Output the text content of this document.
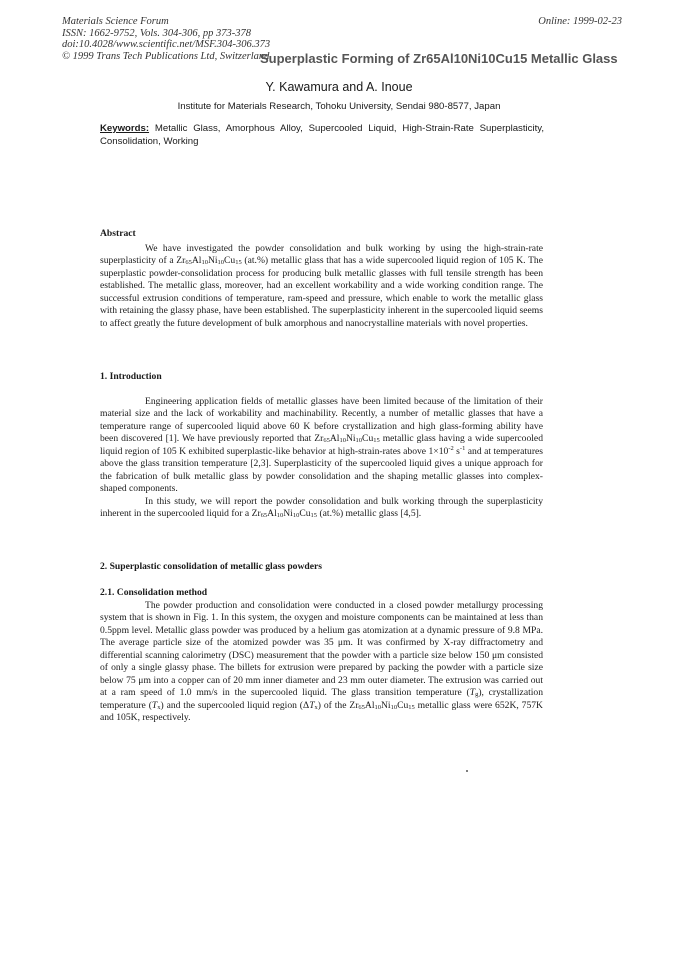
Materials Science Forum
ISSN: 1662-9752, Vols. 304-306, pp 373-378
doi:10.4028/www.scientific.net/MSF.304-306.373
© 1999 Trans Tech Publications Ltd, Switzerland
Online: 1999-02-23
Superplastic Forming of Zr65Al10Ni10Cu15 Metallic Glass
Y. Kawamura and A. Inoue
Institute for Materials Research, Tohoku University, Sendai 980-8577, Japan
Keywords: Metallic Glass, Amorphous Alloy, Supercooled Liquid, High-Strain-Rate Superplasticity, Consolidation, Working
Abstract

We have investigated the powder consolidation and bulk working by using the high-strain-rate superplasticity of a $Zr_{65}Al_{10}Ni_{10}Cu_{15}$ (at.%) metallic glass that has a wide supercooled liquid region of 105 K. The superplastic powder-consolidation process for producing bulk metallic glasses with full tensile strength has been established. The metallic glass, moreover, had an excellent workability and a wide working condition range. The successful extrusion conditions of temperature, ram-speed and pressure, which enable to work the metallic glass with retaining the glassy phase, have been established. The superplasticity inherent in the supercooled liquid seems to affect greatly the future development of bulk amorphous and nanocrystalline materials with novel properties.

1. Introduction

Engineering application fields of metallic glasses have been limited because of the limitation of their material size and the lack of workability and machinability. Recently, a number of metallic glasses that have a temperature range of supercooled liquid above 60 K before crystallization and high glass-forming ability have been discovered [1]. We have previously reported that $Zr_{65}Al_{10}Ni_{10}Cu_{15}$ metallic glass having a wide supercooled liquid region of 105 K exhibited superplastic-like behavior at high-strain-rates above $1\times 10^{-2}$ $s^{-1}$ and at temperatures above the glass transition temperature [2,3]. Superplasticity of the supercooled liquid gives a unique approach for the fabrication of bulk metallic glass by powder consolidation and the shaping metallic glasses into complex-shaped components.

In this study, we will report the powder consolidation and bulk working through the superplasticity inherent in the supercooled liquid for a $Zr_{65}Al_{10}Ni_{10}Cu_{15}$ (at.%) metallic glass [4,5].

2. Superplastic consolidation of metallic glass powders
2.1. Consolidation method

The powder production and consolidation were conducted in a closed powder metallurgy processing system that is shown in Fig. 1. In this system, the oxygen and moisture components can be maintained at less than 0.5ppm level. Metallic glass powder was produced by a helium gas atomization at a dynamic pressure of 9.8 MPa. The average particle size of the atomized powder was 35 μm. It was confirmed by X-ray diffractometry and differential scanning calorimetry (DSC) measurement that the powder with a particle size below 150 μm consisted of only a single glassy phase. The billets for extrusion were prepared by packing the powder with a particle size below 75 μm into a copper can of 20 mm inner diameter and 23 mm outer diameter. The extrusion was carried out at a ram speed of 1.0 mm/s in the supercooled liquid. The glass transition temperature $(T_g)$, crystallization temperature $(T_x)$ and the supercooled liquid region $(\Delta T_x)$ of the $Zr_{65}Al_{10}Ni_{10}Cu_{15}$ metallic glass were 652K, 757K and 105K, respectively.
